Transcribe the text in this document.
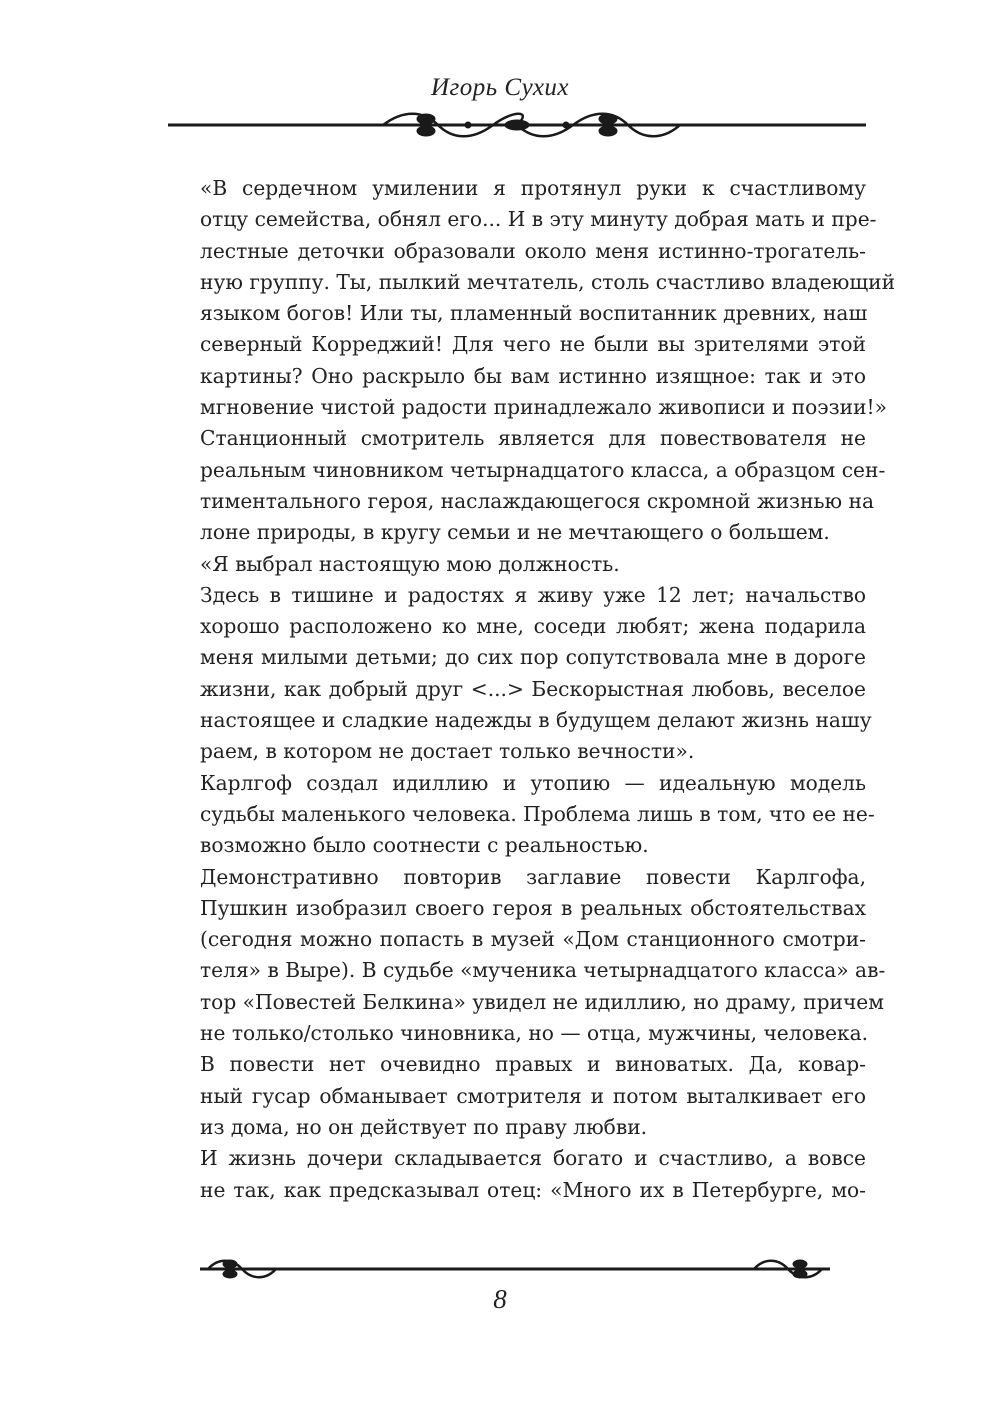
Игорь Сухих

«В сердечном умилении я протянул руки к счастливому
отцу семейства, обнял его... И в эту минуту добрая мать и пре-
лестные деточки образовали около меня истинно-трогатель-
ную группу. Ты, пылкий мечтатель, столь счастливо владеющий
языком богов! Или ты, пламенный воспитанник древних, наш
северный Корреджий! Для чего не были вы зрителями этой
картины? Оно раскрыло бы вам истинно изящное: так и это
мгновение чистой радости принадлежало живописи и поэзии!»

Станционный смотритель является для повествователя не
реальным чиновником четырнадцатого класса, а образцом сен-
тиментального героя, наслаждающегося скромной жизнью на
лоне природы, в кругу семьи и не мечтающего о большем.

«Я выбрал настоящую мою должность.

Здесь в тишине и радостях я живу уже 12 лет; начальство
хорошо расположено ко мне, соседи любят; жена подарила
меня милыми детьми; до сих пор сопутствовала мне в дороге
жизни, как добрый друг <...> Бескорыстная любовь, веселое
настоящее и сладкие надежды в будущем делают жизнь нашу
раем, в котором не достает только вечности».

Карлгоф создал идиллию и утопию — идеальную модель
судьбы маленького человека. Проблема лишь в том, что ее не-
возможно было соотнести с реальностью.

Демонстративно повторив заглавие повести Карлгофа,
Пушкин изобразил своего героя в реальных обстоятельствах
(сегодня можно попасть в музей «Дом станционного смотри-
теля» в Выре). В судьбе «мученика четырнадцатого класса» ав-
тор «Повестей Белкина» увидел не идиллию, но драму, причем
не только/столько чиновника, но — отца, мужчины, человека.

В повести нет очевидно правых и виноватых. Да, ковар-
ный гусар обманывает смотрителя и потом выталкивает его
из дома, но он действует по праву любви.

И жизнь дочери складывается богато и счастливо, а вовсе
не так, как предсказывал отец: «Много их в Петербурге, мо-

8
